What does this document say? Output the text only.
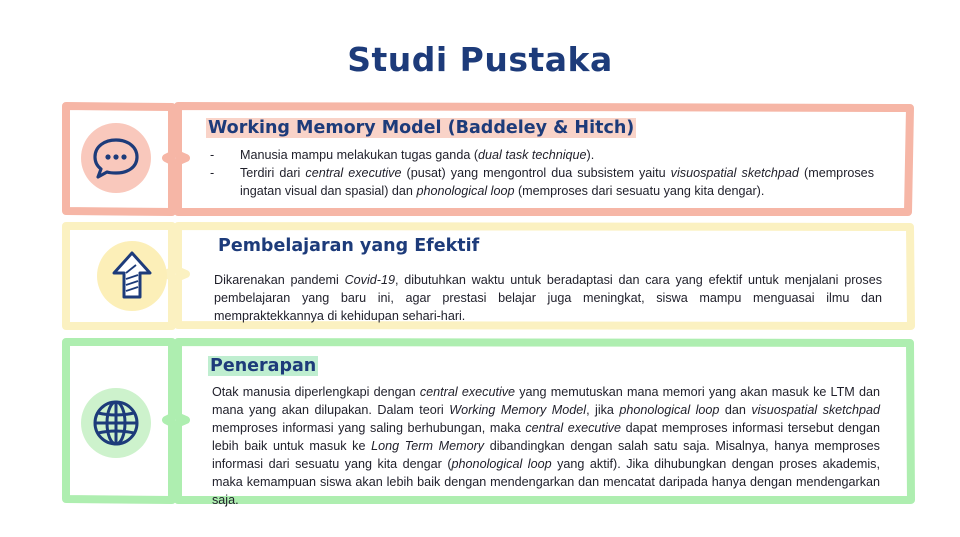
Studi Pustaka
Working Memory Model (Baddeley & Hitch)
- Manusia mampu melakukan tugas ganda (dual task technique).
- Terdiri dari central executive (pusat) yang mengontrol dua subsistem yaitu visuospatial sketchpad (memproses ingatan visual dan spasial) dan phonological loop (memproses dari sesuatu yang kita dengar).
Pembelajaran yang Efektif

Dikarenakan pandemi Covid-19, dibutuhkan waktu untuk beradaptasi dan cara yang efektif untuk menjalani proses pembelajaran yang baru ini, agar prestasi belajar juga meningkat, siswa mampu menguasai ilmu dan mempraktekkannya di kehidupan sehari-hari.

Penerapan

Otak manusia diperlengkapi dengan central executive yang memutuskan mana memori yang akan masuk ke LTM dan mana yang akan dilupakan. Dalam teori Working Memory Model, jika phonological loop dan visuospatial sketchpad memproses informasi yang saling berhubungan, maka central executive dapat memproses informasi tersebut dengan lebih baik untuk masuk ke Long Term Memory dibandingkan dengan salah satu saja. Misalnya, hanya memproses informasi dari sesuatu yang kita dengar (phonological loop yang aktif). Jika dihubungkan dengan proses akademis, maka kemampuan siswa akan lebih baik dengan mendengarkan dan mencatat daripada hanya dengan mendengarkan saja.
